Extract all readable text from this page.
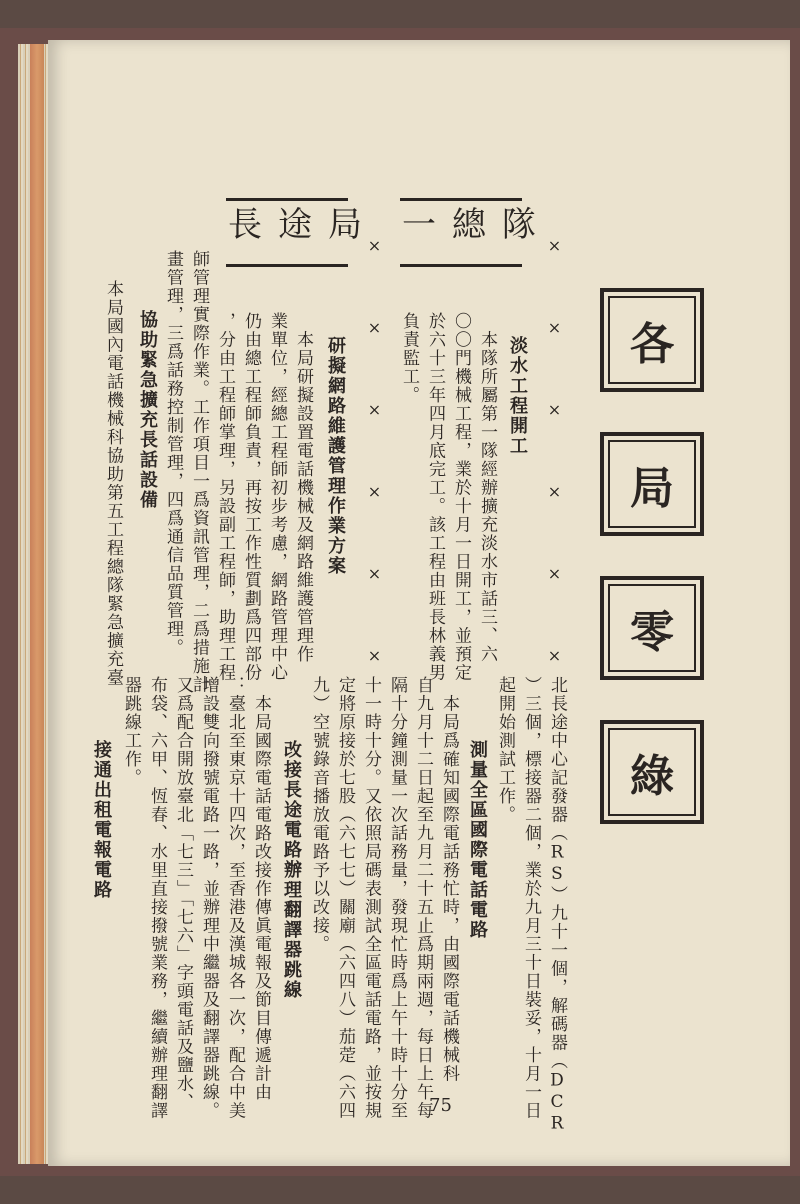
各
局
零
綠
× × × × × ×
× × × × × ×
一總隊
長途局
淡水工程開工
　本隊所屬第一隊經辦擴充淡水市話三、六
〇〇門機械工程，業於十月一日開工，並預定
於六十三年四月底完工。該工程由班長林義男
負責監工。
研擬網路維護管理作業方案
　本局研擬設置電話機械及網路維護管理作
業單位，經總工程師初步考慮，網路管理中心
仍由總工程師負責，再按工作性質劃爲四部份
，分由工程師掌理，另設副工程師，助理工程
師管理實際作業。工作項目一爲資訊管理，二爲措施計
畫管理，三爲話務控制管理，四爲通信品質管理。
協助緊急擴充長話設備
本局國內電話機械科協助第五工程總隊緊急擴充臺
北長途中心記發器（RS）九十一個，解碼器（DCR
）三個，標接器二個，業於九月三十日裝妥，十月一日
起開始測試工作。
測量全區國際電話電路
　本局爲確知國際電話務忙時，由國際電話機械科
自九月十二日起至九月二十五止爲期兩週，每日上午每
隔十分鐘測量一次話務量，發現忙時爲上午十時十分至
十一時十分。又依照局碼表測試全區電話電路，並按規
定將原接於七股（六七七）關廟（六四八）茄萣（六四
九）空號錄音播放電路予以改接。
改接長途電路辦理翻譯器跳線
　本局國際電話電路改接作傳眞電報及節目傳遞計由
：臺北至東京十四次，至香港及漢城各一次，配合中美
增設雙向撥號電路一路，並辦理中繼器及翻譯器跳線。
又爲配合開放臺北「七三」「七六」字頭電話及鹽水、
布袋、六甲、恆春、水里直接撥號業務，繼續辦理翻譯
器跳線工作。
接通出租電報電路
75
